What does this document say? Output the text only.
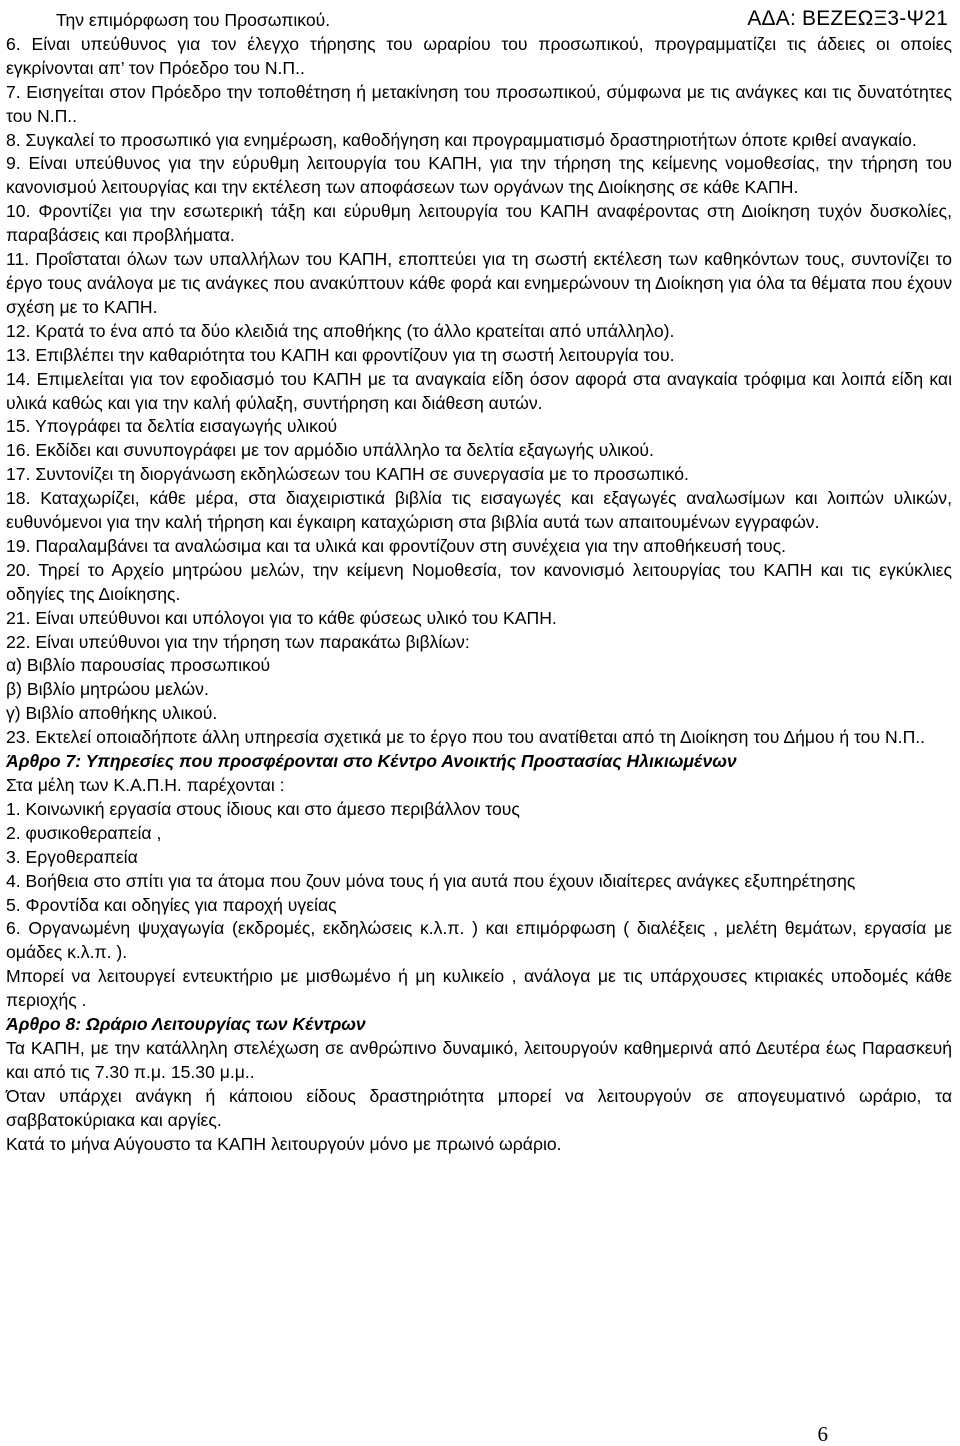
ΑΔΑ: ΒΕΖΕΩΞ3-Ψ21

Την επιμόρφωση του Προσωπικού.

6. Είναι υπεύθυνος για τον έλεγχο τήρησης του ωραρίου του προσωπικού, προγραμματίζει τις άδειες οι οποίες εγκρίνονται απ’ τον Πρόεδρο του Ν.Π..

7. Εισηγείται στον Πρόεδρο την τοποθέτηση ή μετακίνηση του προσωπικού, σύμφωνα με τις ανάγκες και τις δυνατότητες του Ν.Π..

8. Συγκαλεί το προσωπικό για ενημέρωση, καθοδήγηση και προγραμματισμό δραστηριοτήτων όποτε κριθεί αναγκαίο.

9. Είναι υπεύθυνος για την εύρυθμη λειτουργία του ΚΑΠΗ, για την τήρηση της κείμενης νομοθεσίας, την τήρηση του κανονισμού λειτουργίας και την εκτέλεση των αποφάσεων των οργάνων της Διοίκησης σε κάθε ΚΑΠΗ.

10. Φροντίζει για την εσωτερική τάξη και εύρυθμη λειτουργία του ΚΑΠΗ αναφέροντας στη Διοίκηση τυχόν δυσκολίες, παραβάσεις και προβλήματα.

11. Προΐσταται όλων των υπαλλήλων του ΚΑΠΗ, εποπτεύει για τη σωστή εκτέλεση των καθηκόντων τους, συντονίζει το έργο τους ανάλογα με τις ανάγκες που ανακύπτουν κάθε φορά και ενημερώνουν τη Διοίκηση για όλα τα θέματα που έχουν σχέση με το ΚΑΠΗ.

12. Κρατά το ένα από τα δύο κλειδιά της αποθήκης (το άλλο κρατείται από υπάλληλο).

13. Επιβλέπει την καθαριότητα του ΚΑΠΗ και φροντίζουν για τη σωστή λειτουργία του.

14. Επιμελείται για τον εφοδιασμό του ΚΑΠΗ με τα αναγκαία είδη όσον αφορά στα αναγκαία τρόφιμα και λοιπά είδη και υλικά καθώς και για την καλή φύλαξη, συντήρηση και διάθεση αυτών.

15. Υπογράφει τα δελτία εισαγωγής υλικού

16. Εκδίδει και συνυπογράφει με τον αρμόδιο υπάλληλο τα δελτία εξαγωγής υλικού.

17. Συντονίζει τη διοργάνωση εκδηλώσεων του ΚΑΠΗ σε συνεργασία με το προσωπικό.

18. Καταχωρίζει, κάθε μέρα, στα διαχειριστικά βιβλία τις εισαγωγές και εξαγωγές αναλωσίμων και λοιπών υλικών, ευθυνόμενοι για την καλή τήρηση και έγκαιρη καταχώριση στα βιβλία αυτά των απαιτουμένων εγγραφών.

19. Παραλαμβάνει τα αναλώσιμα και τα υλικά και φροντίζουν στη συνέχεια για την αποθήκευσή τους.

20. Τηρεί το Αρχείο μητρώου μελών, την κείμενη Νομοθεσία, τον κανονισμό λειτουργίας του ΚΑΠΗ και τις εγκύκλιες οδηγίες της Διοίκησης.

21. Είναι υπεύθυνοι και υπόλογοι για το κάθε φύσεως υλικό του ΚΑΠΗ.

22. Είναι υπεύθυνοι για την τήρηση των παρακάτω βιβλίων:

α) Βιβλίο παρουσίας προσωπικού

β) Βιβλίο μητρώου μελών.

γ) Βιβλίο αποθήκης υλικού.

23. Εκτελεί οποιαδήποτε άλλη υπηρεσία σχετικά με το έργο που του ανατίθεται από τη Διοίκηση του Δήμου ή του Ν.Π..

Άρθρο 7: Υπηρεσίες που προσφέρονται στο Κέντρο Ανοικτής Προστασίας Ηλικιωμένων

Στα μέλη των Κ.Α.Π.Η. παρέχονται :

1. Κοινωνική εργασία στους ίδιους και στο άμεσο περιβάλλον τους

2. φυσικοθεραπεία ,

3. Εργοθεραπεία

4. Βοήθεια στο σπίτι για τα άτομα που ζουν μόνα τους ή για αυτά που έχουν ιδιαίτερες ανάγκες εξυπηρέτησης

5. Φροντίδα και οδηγίες για παροχή υγείας

6. Οργανωμένη ψυχαγωγία (εκδρομές, εκδηλώσεις κ.λ.π. ) και επιμόρφωση ( διαλέξεις , μελέτη θεμάτων, εργασία με ομάδες κ.λ.π. ).

Μπορεί να λειτουργεί εντευκτήριο με μισθωμένο ή μη κυλικείο , ανάλογα με τις υπάρχουσες κτιριακές υποδομές κάθε περιοχής .

Άρθρο 8: Ωράριο Λειτουργίας των Κέντρων

Τα ΚΑΠΗ, με την κατάλληλη στελέχωση σε ανθρώπινο δυναμικό, λειτουργούν καθημερινά από Δευτέρα έως Παρασκευή και από τις 7.30 π.μ. 15.30 μ.μ..

Όταν υπάρχει ανάγκη ή κάποιου είδους δραστηριότητα μπορεί να λειτουργούν σε απογευματινό ωράριο, τα σαββατοκύριακα και αργίες.

Κατά το μήνα Αύγουστο τα ΚΑΠΗ λειτουργούν μόνο με πρωινό ωράριο.

6
